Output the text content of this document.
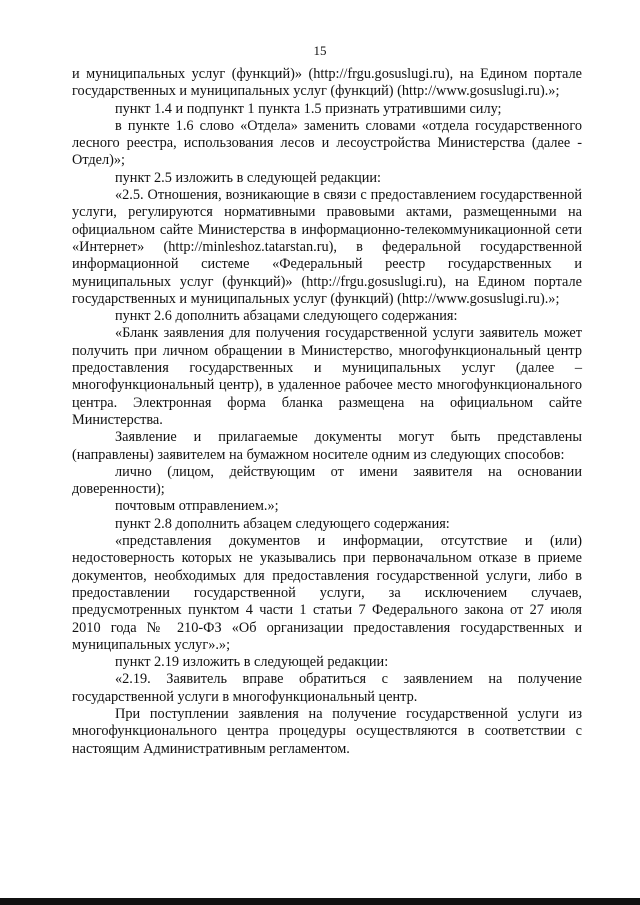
15

и муниципальных услуг (функций)» (http://frgu.gosuslugi.ru), на Едином портале государственных и муниципальных услуг (функций) (http://www.gosuslugi.ru).»;

пункт 1.4 и подпункт 1 пункта 1.5 признать утратившими силу;

в пункте 1.6 слово «Отдела» заменить словами «отдела государственного лесного реестра, использования лесов и лесоустройства Министерства (далее - Отдел)»;

пункт 2.5 изложить в следующей редакции:

«2.5. Отношения, возникающие в связи с предоставлением государственной услуги, регулируются нормативными правовыми актами, размещенными на официальном сайте Министерства в информационно-телекоммуникационной сети «Интернет» (http://minleshoz.tatarstan.ru), в федеральной государственной информационной системе «Федеральный реестр государственных и муниципальных услуг (функций)» (http://frgu.gosuslugi.ru), на Едином портале государственных и муниципальных услуг (функций) (http://www.gosuslugi.ru).»;

пункт 2.6 дополнить абзацами следующего содержания:

«Бланк заявления для получения государственной услуги заявитель может получить при личном обращении в Министерство, многофункциональный центр предоставления государственных и муниципальных услуг (далее – многофункциональный центр), в удаленное рабочее место многофункционального центра. Электронная форма бланка размещена на официальном сайте Министерства.

Заявление и прилагаемые документы могут быть представлены (направлены) заявителем на бумажном носителе одним из следующих способов:

лично (лицом, действующим от имени заявителя на основании доверенности);

почтовым отправлением.»;

пункт 2.8 дополнить абзацем следующего содержания:

«представления документов и информации, отсутствие и (или) недостоверность которых не указывались при первоначальном отказе в приеме документов, необходимых для предоставления государственной услуги, либо в предоставлении государственной услуги, за исключением случаев, предусмотренных пунктом 4 части 1 статьи 7 Федерального закона от 27 июля 2010 года № 210-ФЗ «Об организации предоставления государственных и муниципальных услуг».»;

пункт 2.19 изложить в следующей редакции:

«2.19. Заявитель вправе обратиться с заявлением на получение государственной услуги в многофункциональный центр.

При поступлении заявления на получение государственной услуги из многофункционального центра процедуры осуществляются в соответствии с настоящим Административным регламентом.
